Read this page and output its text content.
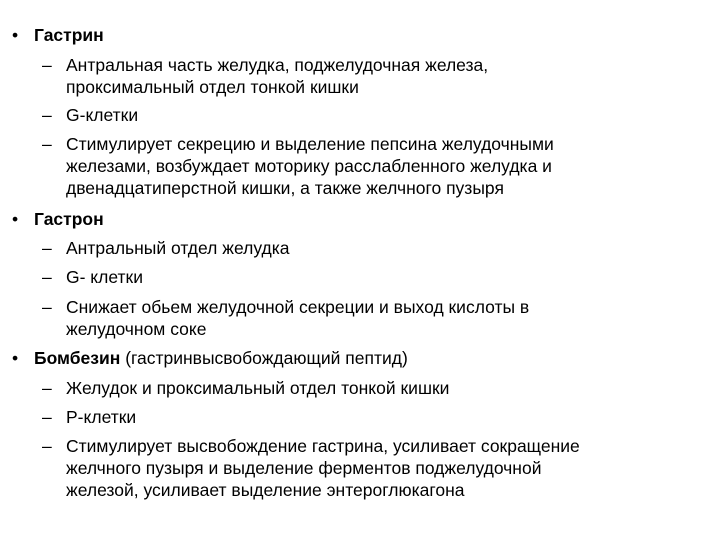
• Гастрин
– Антральная часть желудка, поджелудочная железа,
проксимальный отдел тонкой кишки
– G-клетки
– Стимулирует секрецию и выделение пепсина желудочными
железами, возбуждает моторику расслабленного желудка и
двенадцатиперстной кишки, а также желчного пузыря
• Гастрон
– Антральный отдел желудка
– G- клетки
– Снижает обьем желудочной секреции и выход кислоты в
желудочном соке
• Бомбезин (гастринвысвобождающий пептид)
– Желудок и проксимальный отдел тонкой кишки
– Р-клетки
– Стимулирует высвобождение гастрина, усиливает сокращение
желчного пузыря и выделение ферментов поджелудочной
железой, усиливает выделение энтероглюкагона
